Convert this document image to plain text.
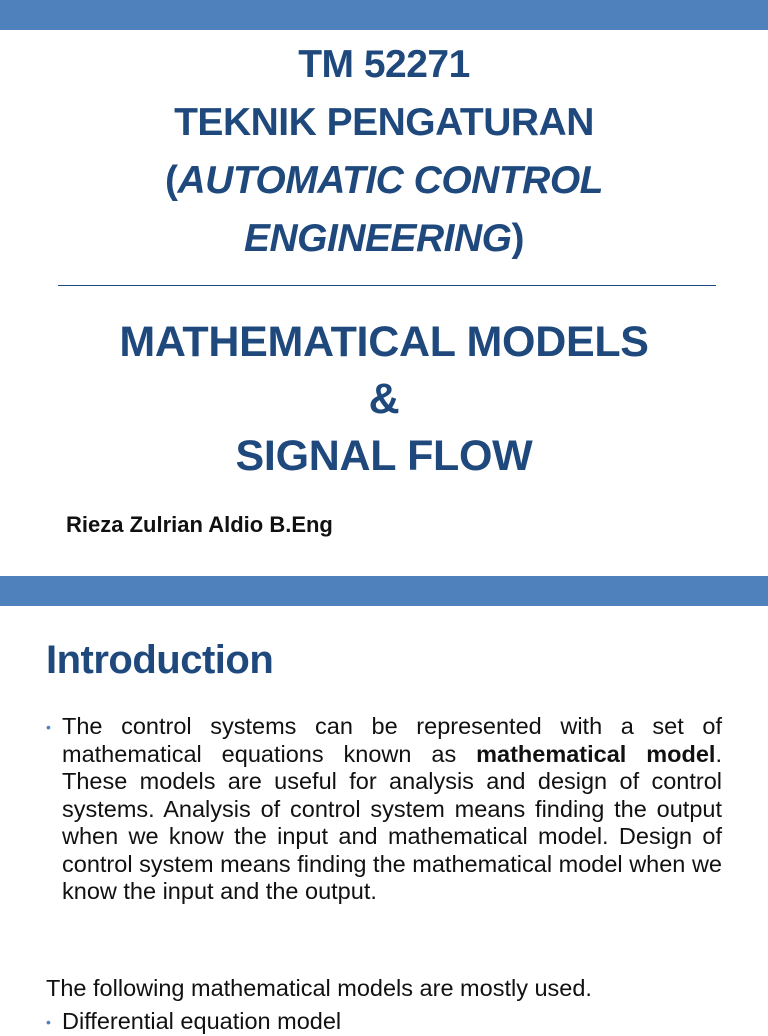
TM 52271
TEKNIK PENGATURAN
(AUTOMATIC CONTROL
ENGINEERING)
MATHEMATICAL MODELS
&
SIGNAL FLOW
Rieza Zulrian Aldio B.Eng
Introduction
• The control systems can be represented with a set of mathematical equations known as mathematical model. These models are useful for analysis and design of control systems. Analysis of control system means finding the output when we know the input and mathematical model. Design of control system means finding the mathematical model when we know the input and the output.
The following mathematical models are mostly used.
• Differential equation model
